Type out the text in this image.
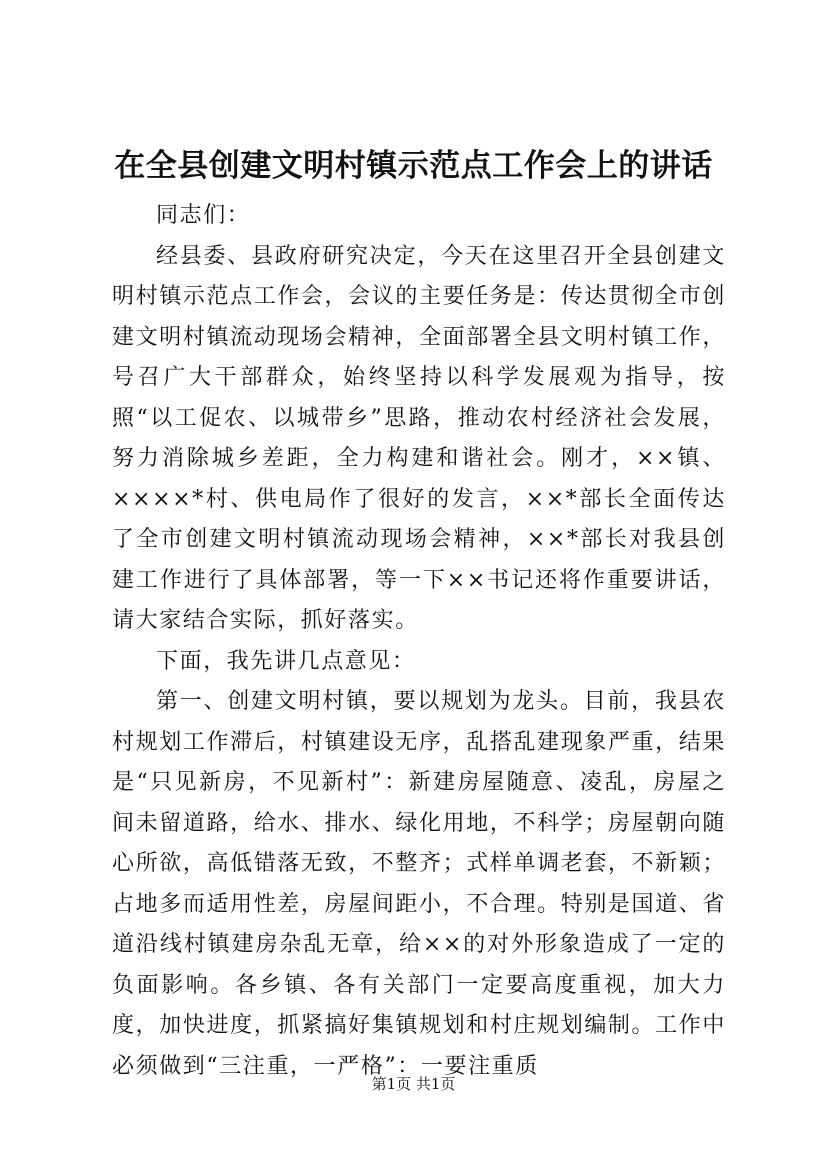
在全县创建文明村镇示范点工作会上的讲话

同志们：

经县委、县政府研究决定，今天在这里召开全县创建文明村镇示范点工作会，会议的主要任务是：传达贯彻全市创建文明村镇流动现场会精神，全面部署全县文明村镇工作，号召广大干部群众，始终坚持以科学发展观为指导，按照“以工促农、以城带乡”思路，推动农村经济社会发展，努力消除城乡差距，全力构建和谐社会。刚才，××镇、××××*村、供电局作了很好的发言，××*部长全面传达了全市创建文明村镇流动现场会精神，××*部长对我县创建工作进行了具体部署，等一下××书记还将作重要讲话，请大家结合实际，抓好落实。

下面，我先讲几点意见：

第一、创建文明村镇，要以规划为龙头。目前，我县农村规划工作滞后，村镇建设无序，乱搭乱建现象严重，结果是“只见新房，不见新村”：新建房屋随意、凌乱，房屋之间未留道路，给水、排水、绿化用地，不科学；房屋朝向随心所欲，高低错落无致，不整齐；式样单调老套，不新颖；占地多而适用性差，房屋间距小，不合理。特别是国道、省道沿线村镇建房杂乱无章，给××的对外形象造成了一定的负面影响。各乡镇、各有关部门一定要高度重视，加大力度，加快进度，抓紧搞好集镇规划和村庄规划编制。工作中必须做到“三注重，一严格”：一要注重质

第1页 共1页
